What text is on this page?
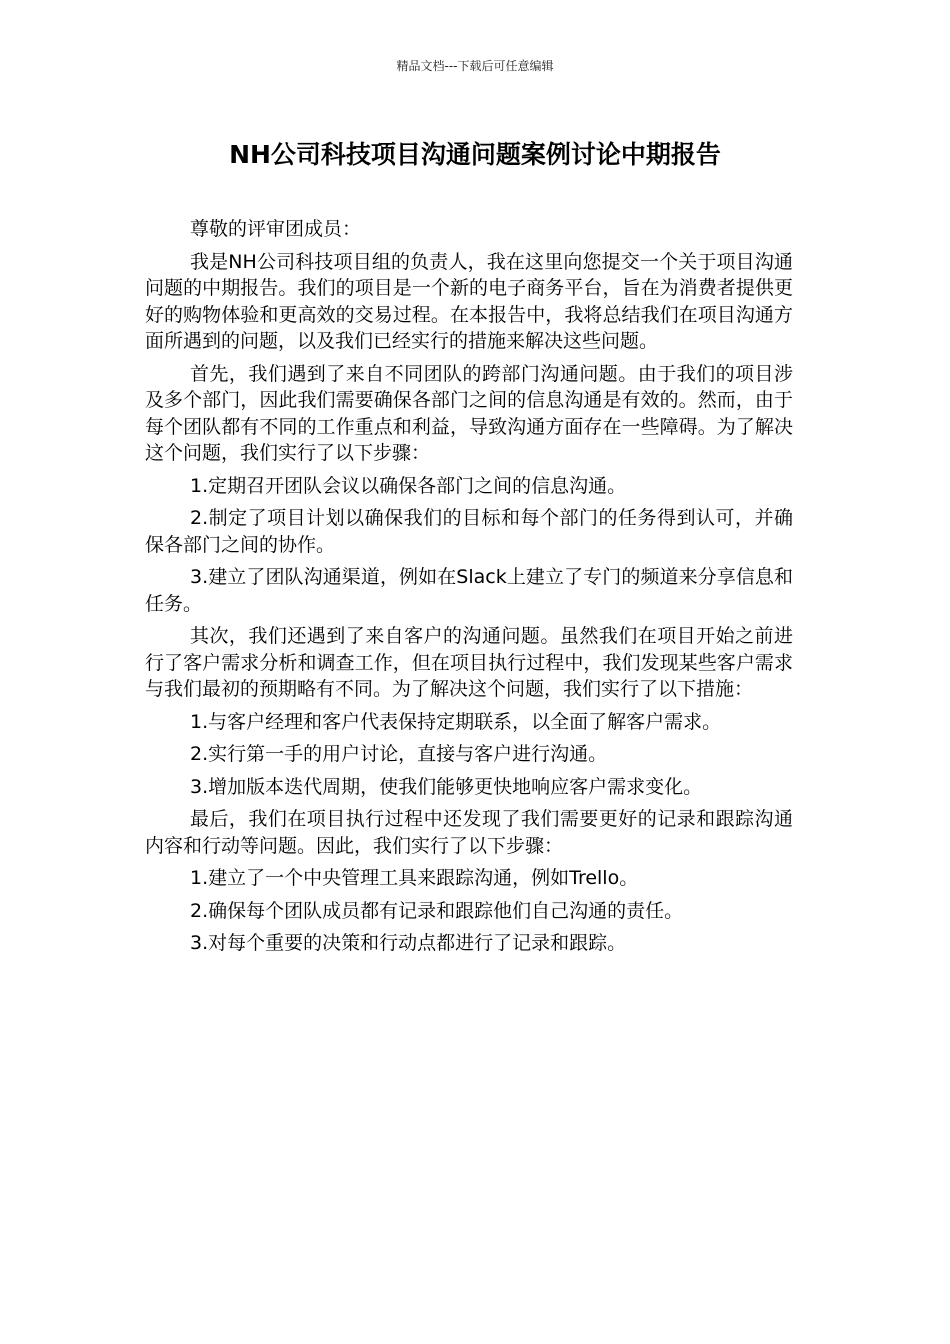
精品文档---下载后可任意编辑
NH公司科技项目沟通问题案例讨论中期报告

尊敬的评审团成员：

我是NH公司科技项目组的负责人，我在这里向您提交一个关于项目沟通问题的中期报告。我们的项目是一个新的电子商务平台，旨在为消费者提供更好的购物体验和更高效的交易过程。在本报告中，我将总结我们在项目沟通方面所遇到的问题，以及我们已经实行的措施来解决这些问题。

首先，我们遇到了来自不同团队的跨部门沟通问题。由于我们的项目涉及多个部门，因此我们需要确保各部门之间的信息沟通是有效的。然而，由于每个团队都有不同的工作重点和利益，导致沟通方面存在一些障碍。为了解决这个问题，我们实行了以下步骤：

1.定期召开团队会议以确保各部门之间的信息沟通。

2.制定了项目计划以确保我们的目标和每个部门的任务得到认可，并确保各部门之间的协作。

3.建立了团队沟通渠道，例如在Slack上建立了专门的频道来分享信息和任务。

其次，我们还遇到了来自客户的沟通问题。虽然我们在项目开始之前进行了客户需求分析和调查工作，但在项目执行过程中，我们发现某些客户需求与我们最初的预期略有不同。为了解决这个问题，我们实行了以下措施：

1.与客户经理和客户代表保持定期联系，以全面了解客户需求。

2.实行第一手的用户讨论，直接与客户进行沟通。

3.增加版本迭代周期，使我们能够更快地响应客户需求变化。

最后，我们在项目执行过程中还发现了我们需要更好的记录和跟踪沟通内容和行动等问题。因此，我们实行了以下步骤：

1.建立了一个中央管理工具来跟踪沟通，例如Trello。

2.确保每个团队成员都有记录和跟踪他们自己沟通的责任。

3.对每个重要的决策和行动点都进行了记录和跟踪。
